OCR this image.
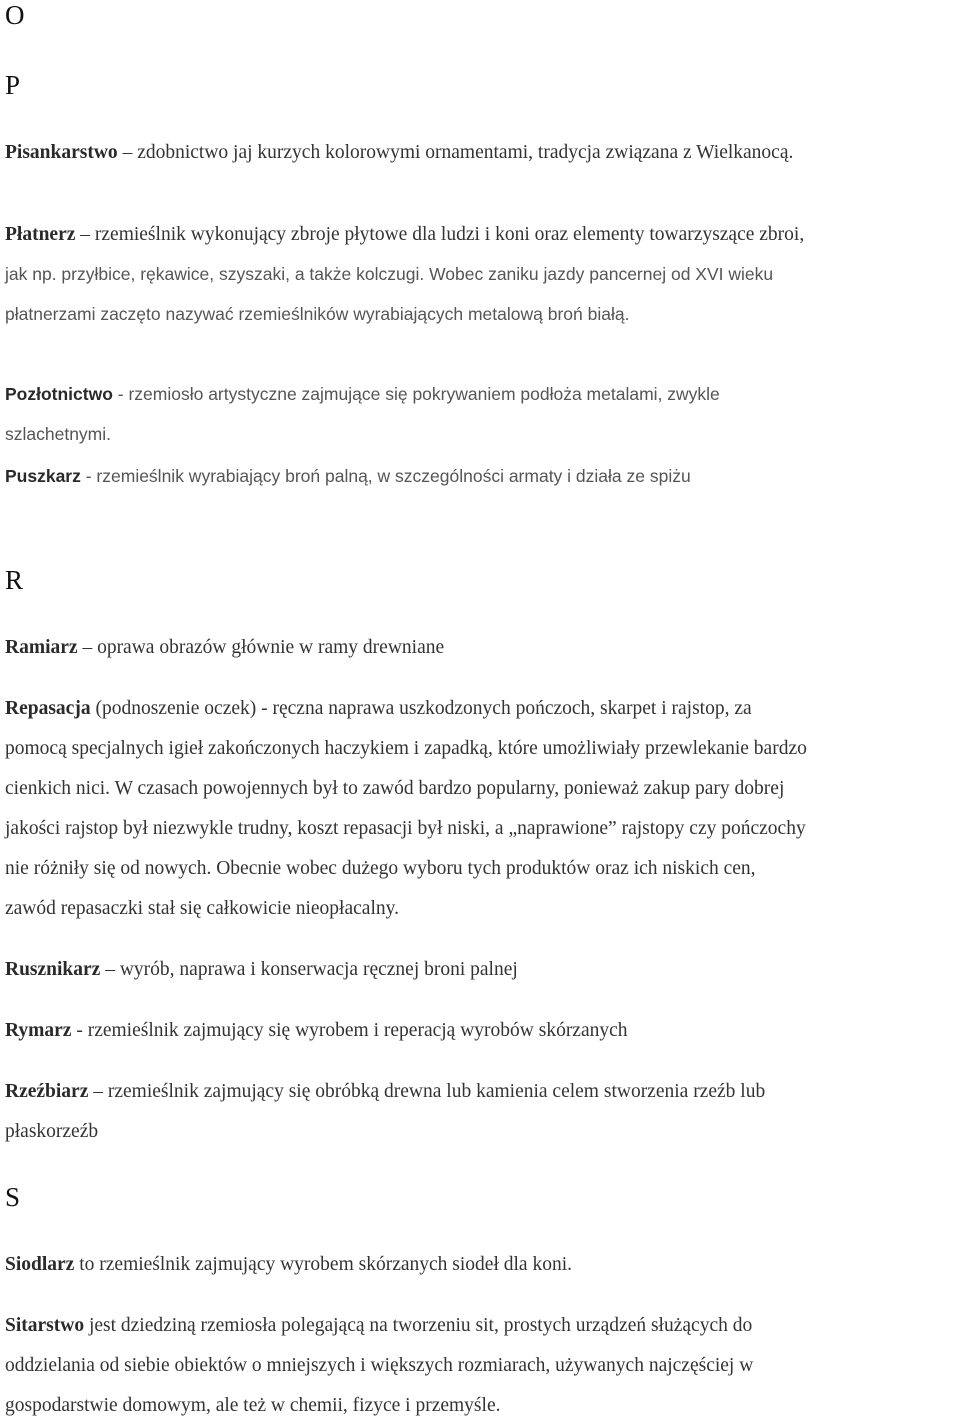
O
P

Pisankarstwo – zdobnictwo jaj kurzych kolorowymi ornamentami, tradycja związana z Wielkanocą.

Płatnerz – rzemieślnik wykonujący zbroje płytowe dla ludzi i koni oraz elementy towarzyszące zbroi,

jak np. przyłbice, rękawice, szyszaki, a także kolczugi. Wobec zaniku jazdy pancernej od XVI wieku

płatnerzami zaczęto nazywać rzemieślników wyrabiających metalową broń białą.

Pozłotnictwo - rzemiosło artystyczne zajmujące się pokrywaniem podłoża metalami, zwykle

szlachetnymi.

Puszkarz - rzemieślnik wyrabiający broń palną, w szczególności armaty i działa ze spiżu

R

Ramiarz – oprawa obrazów głównie w ramy drewniane

Repasacja (podnoszenie oczek) - ręczna naprawa uszkodzonych pończoch, skarpet i rajstop, za

pomocą specjalnych igieł zakończonych haczykiem i zapadką, które umożliwiały przewlekanie bardzo

cienkich nici. W czasach powojennych był to zawód bardzo popularny, ponieważ zakup pary dobrej

jakości rajstop był niezwykle trudny, koszt repasacji był niski, a „naprawione” rajstopy czy pończochy

nie różniły się od nowych. Obecnie wobec dużego wyboru tych produktów oraz ich niskich cen,

zawód repasaczki stał się całkowicie nieopłacalny.

Rusznikarz – wyrób, naprawa i konserwacja ręcznej broni palnej

Rymarz - rzemieślnik zajmujący się wyrobem i reperacją wyrobów skórzanych

Rzeźbiarz – rzemieślnik zajmujący się obróbką drewna lub kamienia celem stworzenia rzeźb lub

płaskorzeźb

S

Siodlarz to rzemieślnik zajmujący wyrobem skórzanych siodeł dla koni.

Sitarstwo jest dziedziną rzemiosła polegającą na tworzeniu sit, prostych urządzeń służących do

oddzielania od siebie obiektów o mniejszych i większych rozmiarach, używanych najczęściej w

gospodarstwie domowym, ale też w chemii, fizyce i przemyśle.
